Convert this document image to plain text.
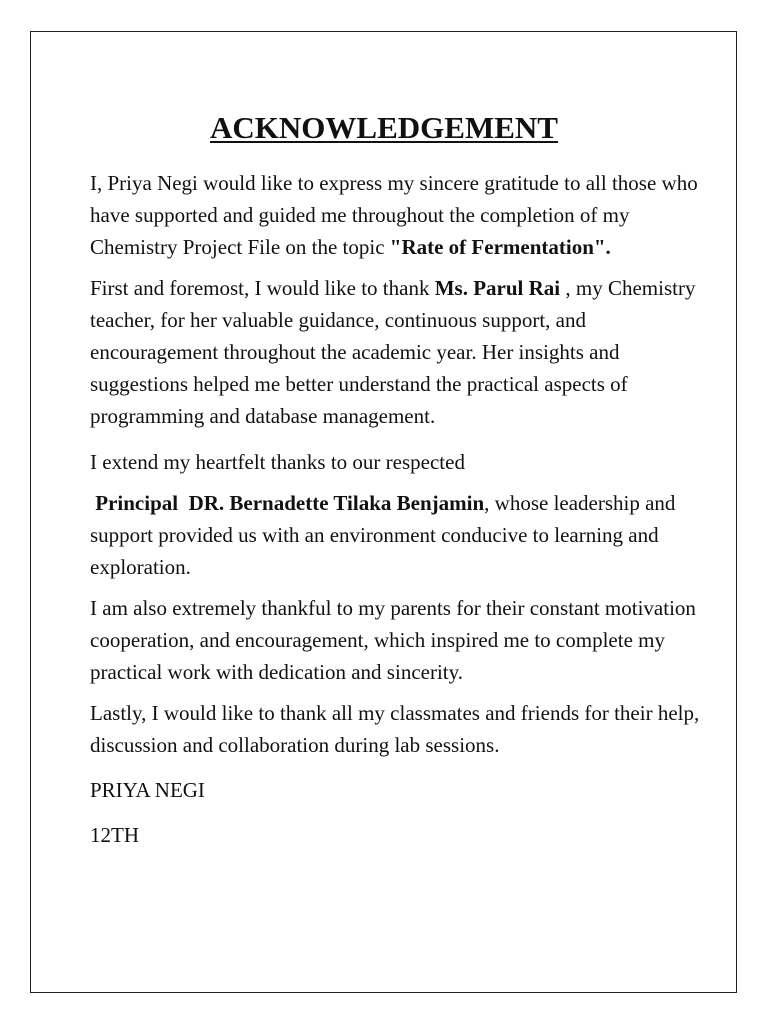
ACKNOWLEDGEMENT

I, Priya Negi would like to express my sincere gratitude to all those who have supported and guided me throughout the completion of my Chemistry Project File on the topic "Rate of Fermentation".

First and foremost, I would like to thank Ms. Parul Rai , my Chemistry teacher, for her valuable guidance, continuous support, and encouragement throughout the academic year. Her insights and suggestions helped me better understand the practical aspects of programming and database management.

I extend my heartfelt thanks to our respected

Principal  DR. Bernadette Tilaka Benjamin, whose leadership and support provided us with an environment conducive to learning and exploration.

I am also extremely thankful to my parents for their constant motivation cooperation, and encouragement, which inspired me to complete my practical work with dedication and sincerity.

Lastly, I would like to thank all my classmates and friends for their help, discussion and collaboration during lab sessions.

PRIYA NEGI

12TH
